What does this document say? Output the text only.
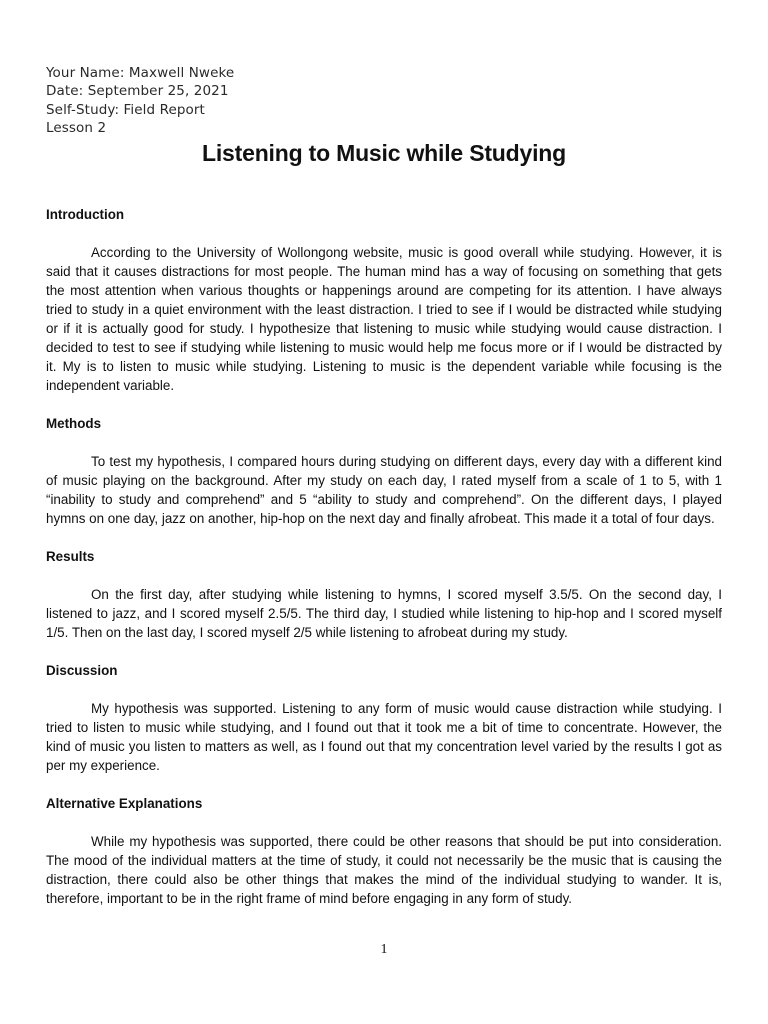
Your Name: Maxwell Nweke
Date: September 25, 2021
Self-Study: Field Report
Lesson 2
Listening to Music while Studying
Introduction
According to the University of Wollongong website, music is good overall while studying. However, it is said that it causes distractions for most people. The human mind has a way of focusing on something that gets the most attention when various thoughts or happenings around are competing for its attention. I have always tried to study in a quiet environment with the least distraction. I tried to see if I would be distracted while studying or if it is actually good for study. I hypothesize that listening to music while studying would cause distraction. I decided to test to see if studying while listening to music would help me focus more or if I would be distracted by it. My is to listen to music while studying. Listening to music is the dependent variable while focusing is the independent variable.
Methods
To test my hypothesis, I compared hours during studying on different days, every day with a different kind of music playing on the background. After my study on each day, I rated myself from a scale of 1 to 5, with 1 “inability to study and comprehend” and 5 “ability to study and comprehend”. On the different days, I played hymns on one day, jazz on another, hip-hop on the next day and finally afrobeat. This made it a total of four days.
Results
On the first day, after studying while listening to hymns, I scored myself 3.5/5. On the second day, I listened to jazz, and I scored myself 2.5/5. The third day, I studied while listening to hip-hop and I scored myself 1/5. Then on the last day, I scored myself 2/5 while listening to afrobeat during my study.
Discussion
My hypothesis was supported. Listening to any form of music would cause distraction while studying. I tried to listen to music while studying, and I found out that it took me a bit of time to concentrate. However, the kind of music you listen to matters as well, as I found out that my concentration level varied by the results I got as per my experience.
Alternative Explanations
While my hypothesis was supported, there could be other reasons that should be put into consideration. The mood of the individual matters at the time of study, it could not necessarily be the music that is causing the distraction, there could also be other things that makes the mind of the individual studying to wander. It is, therefore, important to be in the right frame of mind before engaging in any form of study.
1
